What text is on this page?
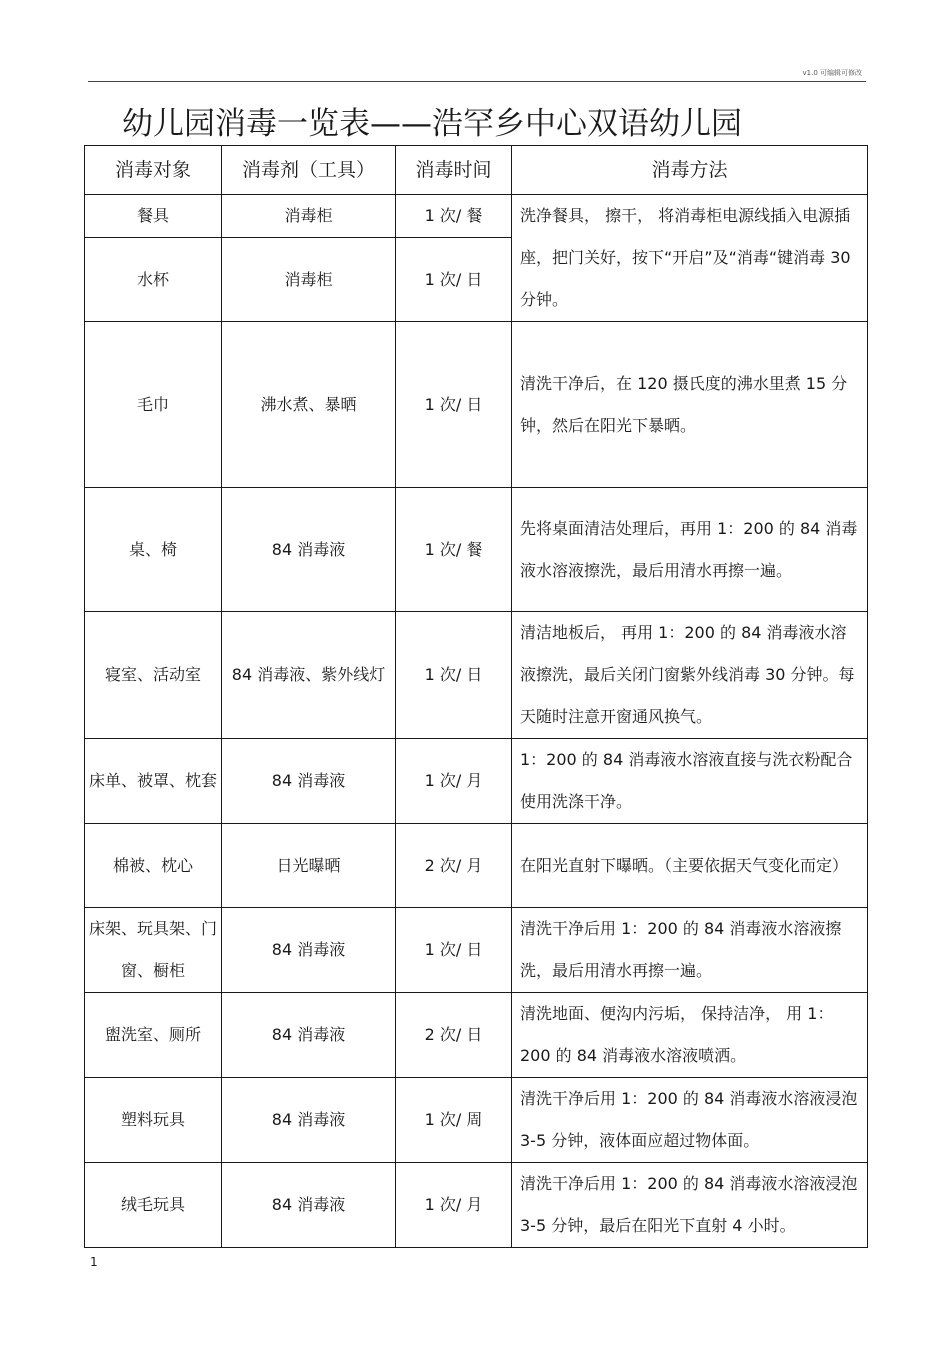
v1.0 可编辑可修改
幼儿园消毒一览表——浩罕乡中心双语幼儿园
消毒对象	消毒剂（工具）	消毒时间	消毒方法
餐具	消毒柜	1 次/ 餐	洗净餐具， 擦干， 将消毒柜电源线插入电源插座，把门关好，按下“开启”及“消毒“键消毒 30 分钟。
水杯	消毒柜	1 次/ 日	
毛巾	沸水煮、暴晒	1 次/ 日	清洗干净后，在 120 摄氏度的沸水里煮 15 分钟，然后在阳光下暴晒。
桌、椅	84 消毒液	1 次/ 餐	先将桌面清洁处理后，再用 1：200 的 84 消毒液水溶液擦洗，最后用清水再擦一遍。
寝室、活动室	84 消毒液、紫外线灯	1 次/ 日	清洁地板后， 再用 1：200 的 84 消毒液水溶液擦洗，最后关闭门窗紫外线消毒 30 分钟。每天随时注意开窗通风换气。
床单、被罩、枕套	84 消毒液	1 次/ 月	1：200 的 84 消毒液水溶液直接与洗衣粉配合使用洗涤干净。
棉被、枕心	日光曝晒	2 次/ 月	在阳光直射下曝晒。（主要依据天气变化而定）
床架、玩具架、门窗、橱柜	84 消毒液	1 次/ 日	清洗干净后用 1：200 的 84 消毒液水溶液擦洗，最后用清水再擦一遍。
盥洗室、厕所	84 消毒液	2 次/ 日	清洗地面、便沟内污垢， 保持洁净， 用 1：200 的 84 消毒液水溶液喷洒。
塑料玩具	84 消毒液	1 次/ 周	清洗干净后用 1：200 的 84 消毒液水溶液浸泡 3-5 分钟，液体面应超过物体面。
绒毛玩具	84 消毒液	1 次/ 月	清洗干净后用 1：200 的 84 消毒液水溶液浸泡 3-5 分钟，最后在阳光下直射 4 小时。
1
